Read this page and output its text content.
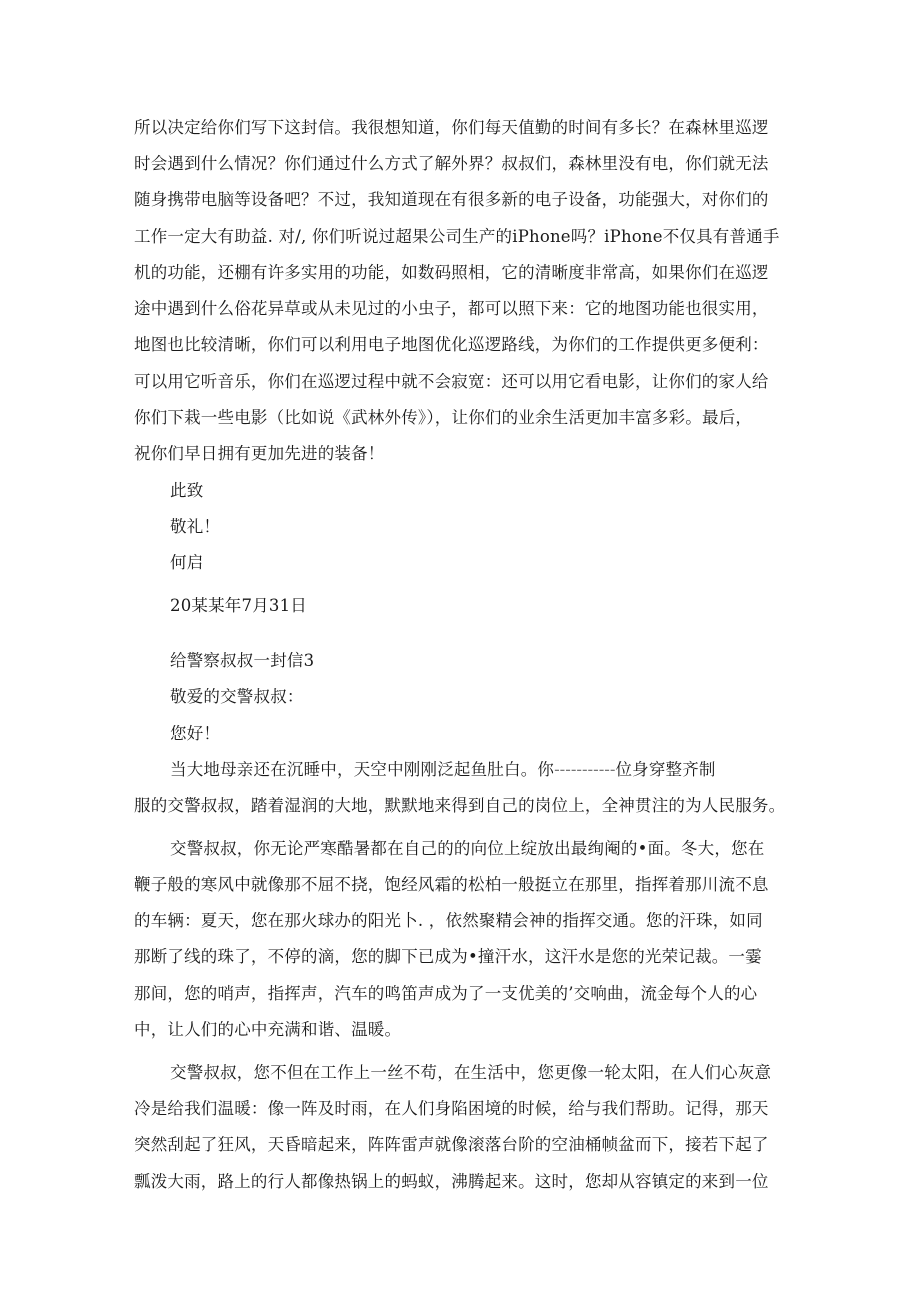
所以决定给你们写下这封信。我很想知道，你们每天值勤的时间有多长？在森林里巡逻
时会遇到什么情况？你们通过什么方式了解外界？叔叔们，森林里没有电，你们就无法
随身携带电脑等设备吧？不过，我知道现在有很多新的电子设备，功能强大，对你们的
工作一定大有助益. 对/, 你们听说过超果公司生产的iPhone吗？iPhone不仅具有普通手
机的功能，还棚有许多实用的功能，如数码照相，它的清晰度非常高，如果你们在巡逻
途中遇到什么俗花异草或从未见过的小虫子，都可以照下来：它的地图功能也很实用，
地图也比较清晰，你们可以利用电子地图优化巡逻路线，为你们的工作提供更多便利：
可以用它听音乐，你们在巡逻过程中就不会寂宽：还可以用它看电影，让你们的家人给
你们下栽一些电影（比如说《武林外传》），让你们的业余生活更加丰富多彩。最后，
祝你们早日拥有更加先进的装备！
此致
敬礼！
何启
20某某年7月31日
给警察叔叔一封信3
敬爱的交警叔叔：
您好！
当大地母亲还在沉睡中，天空中刚刚泛起鱼肚白。你-----------位身穿整齐制
服的交警叔叔，踏着湿润的大地，默默地来得到自己的岗位上，全神贯注的为人民服务。
交警叔叔，你无论严寒酷暑都在自己的的向位上绽放出最绚阉的•面。冬大，您在
鞭子般的寒风中就像那不屈不挠，饱经风霜的松柏一般挺立在那里，指挥着那川流不息
的车辆：夏天，您在那火球办的阳光卜. ，依然聚精会神的指挥交通。您的汗珠，如同
那断了线的珠了，不停的滴，您的脚下已成为•撞汗水，这汗水是您的光荣记裁。一霎
那间，您的哨声，指挥声，汽车的鸣笛声成为了一支优美的’交响曲，流金每个人的心
中，让人们的心中充满和谐、温暖。
交警叔叔，您不但在工作上一丝不苟，在生活中，您更像一轮太阳，在人们心灰意
冷是给我们温暖：像一阵及时雨，在人们身陷困境的时候，给与我们帮助。记得，那天
突然刮起了狂风，天昏暗起来，阵阵雷声就像滚落台阶的空油桶帧盆而下，接若下起了
瓢泼大雨，路上的行人都像热锅上的蚂蚁，沸腾起来。这时，您却从容镇定的来到一位
